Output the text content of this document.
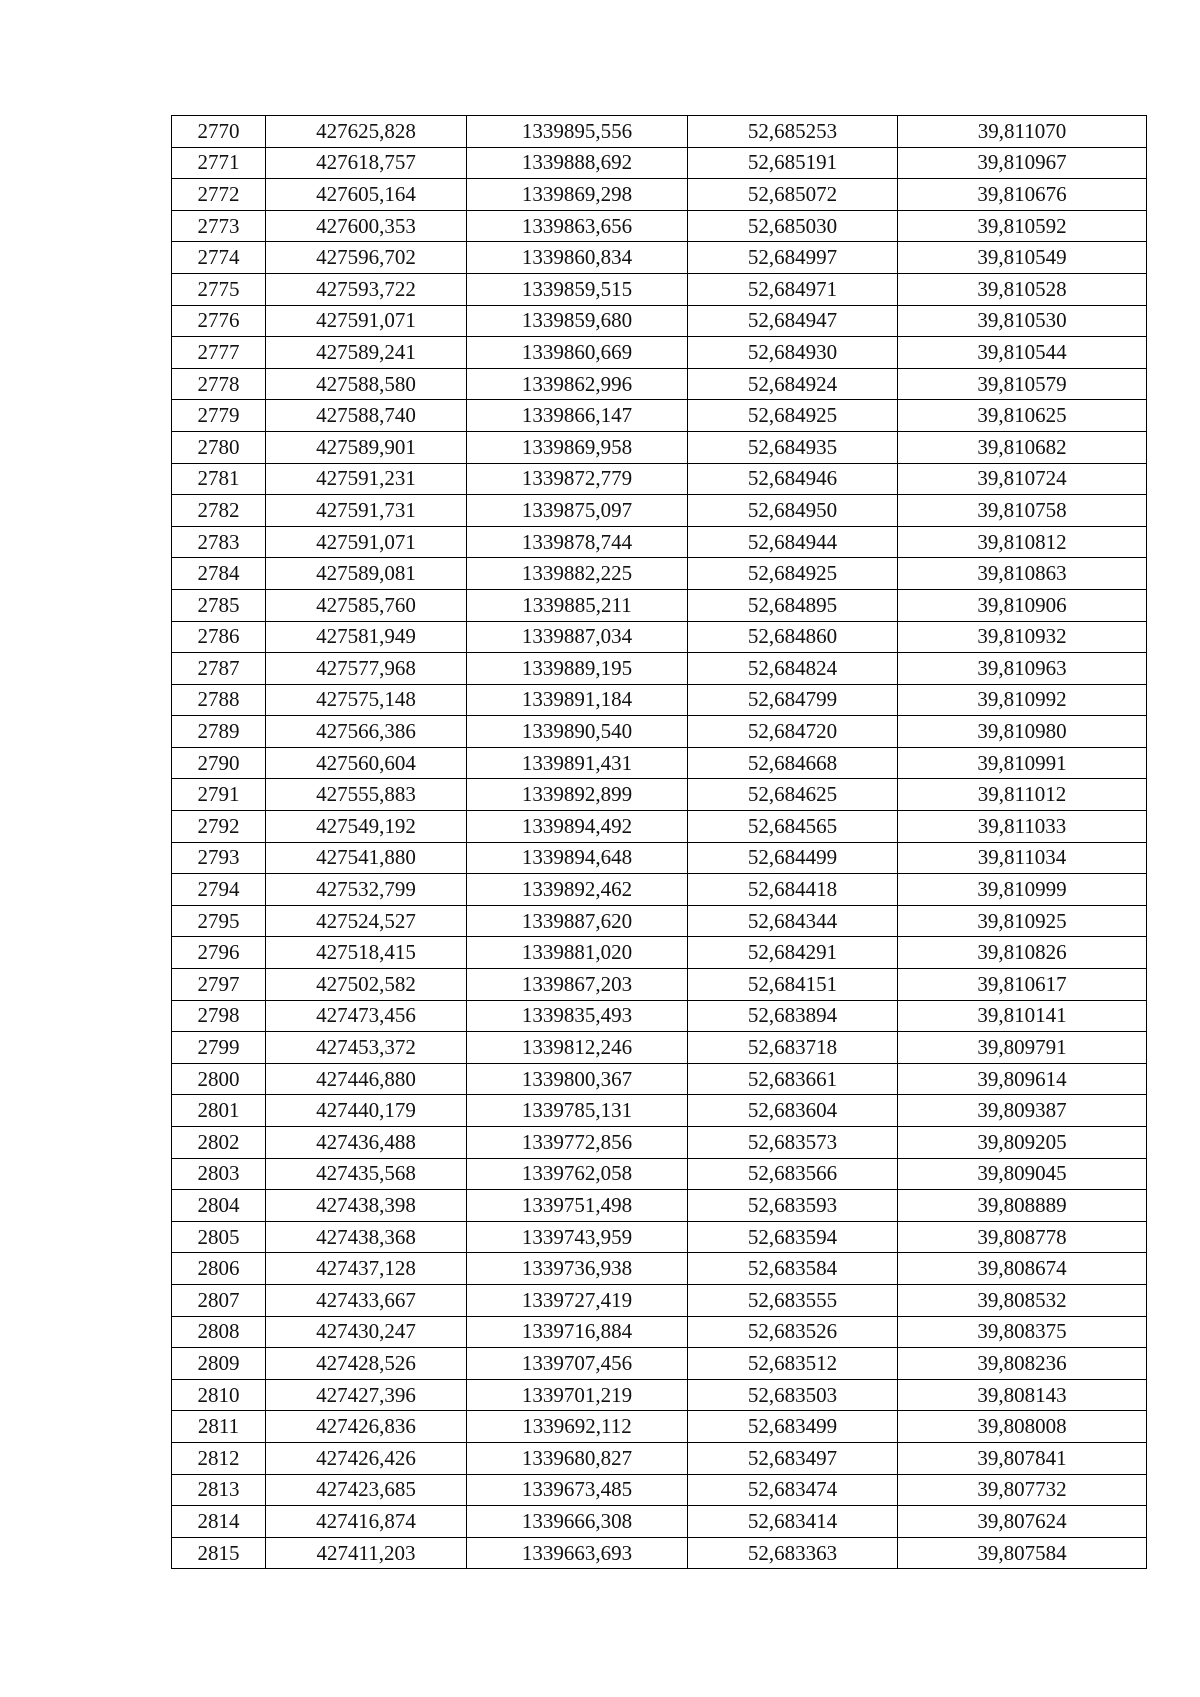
2770	427625,828	1339895,556	52,685253	39,811070
2771	427618,757	1339888,692	52,685191	39,810967
2772	427605,164	1339869,298	52,685072	39,810676
2773	427600,353	1339863,656	52,685030	39,810592
2774	427596,702	1339860,834	52,684997	39,810549
2775	427593,722	1339859,515	52,684971	39,810528
2776	427591,071	1339859,680	52,684947	39,810530
2777	427589,241	1339860,669	52,684930	39,810544
2778	427588,580	1339862,996	52,684924	39,810579
2779	427588,740	1339866,147	52,684925	39,810625
2780	427589,901	1339869,958	52,684935	39,810682
2781	427591,231	1339872,779	52,684946	39,810724
2782	427591,731	1339875,097	52,684950	39,810758
2783	427591,071	1339878,744	52,684944	39,810812
2784	427589,081	1339882,225	52,684925	39,810863
2785	427585,760	1339885,211	52,684895	39,810906
2786	427581,949	1339887,034	52,684860	39,810932
2787	427577,968	1339889,195	52,684824	39,810963
2788	427575,148	1339891,184	52,684799	39,810992
2789	427566,386	1339890,540	52,684720	39,810980
2790	427560,604	1339891,431	52,684668	39,810991
2791	427555,883	1339892,899	52,684625	39,811012
2792	427549,192	1339894,492	52,684565	39,811033
2793	427541,880	1339894,648	52,684499	39,811034
2794	427532,799	1339892,462	52,684418	39,810999
2795	427524,527	1339887,620	52,684344	39,810925
2796	427518,415	1339881,020	52,684291	39,810826
2797	427502,582	1339867,203	52,684151	39,810617
2798	427473,456	1339835,493	52,683894	39,810141
2799	427453,372	1339812,246	52,683718	39,809791
2800	427446,880	1339800,367	52,683661	39,809614
2801	427440,179	1339785,131	52,683604	39,809387
2802	427436,488	1339772,856	52,683573	39,809205
2803	427435,568	1339762,058	52,683566	39,809045
2804	427438,398	1339751,498	52,683593	39,808889
2805	427438,368	1339743,959	52,683594	39,808778
2806	427437,128	1339736,938	52,683584	39,808674
2807	427433,667	1339727,419	52,683555	39,808532
2808	427430,247	1339716,884	52,683526	39,808375
2809	427428,526	1339707,456	52,683512	39,808236
2810	427427,396	1339701,219	52,683503	39,808143
2811	427426,836	1339692,112	52,683499	39,808008
2812	427426,426	1339680,827	52,683497	39,807841
2813	427423,685	1339673,485	52,683474	39,807732
2814	427416,874	1339666,308	52,683414	39,807624
2815	427411,203	1339663,693	52,683363	39,807584
